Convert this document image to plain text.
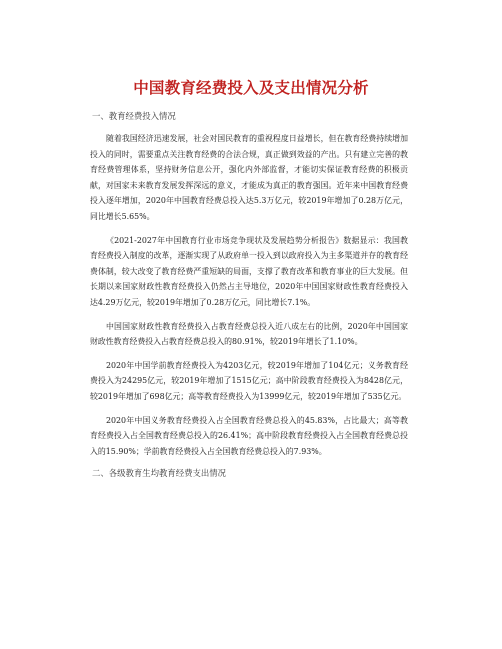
中国教育经费投入及支出情况分析
一、教育经费投入情况

随着我国经济迅速发展，社会对国民教育的重视程度日益增长，但在教育经费持续增加投入的同时，需要重点关注教育经费的合法合规，真正做到效益的产出。只有建立完善的教育经费管理体系，坚持财务信息公开，强化内外部监督，才能切实保证教育经费的积极贡献，对国家未来教育发展发挥深远的意义，才能成为真正的教育强国。近年来中国教育经费投入逐年增加，2020年中国教育经费总投入达5.3万亿元，较2019年增加了0.28万亿元，同比增长5.65%。

《2021-2027年中国教育行业市场竞争现状及发展趋势分析报告》数据显示：我国教育经费投入制度的改革，逐渐实现了从政府单一投入到以政府投入为主多渠道并存的教育经费体制，较大改变了教育经费严重短缺的局面，支撑了教育改革和教育事业的巨大发展。但长期以来国家财政性教育经费投入仍然占主导地位，2020年中国国家财政性教育经费投入达4.29万亿元，较2019年增加了0.28万亿元，同比增长7.1%。

中国国家财政性教育经费投入占教育经费总投入近八成左右的比例，2020年中国国家财政性教育经费投入占教育经费总投入的80.91%，较2019年增长了1.10%。

2020年中国学前教育经费投入为4203亿元，较2019年增加了104亿元；义务教育经费投入为24295亿元，较2019年增加了1515亿元；高中阶段教育经费投入为8428亿元，较2019年增加了698亿元；高等教育经费投入为13999亿元，较2019年增加了535亿元。

2020年中国义务教育经费投入占全国教育经费总投入的45.83%，占比最大；高等教育经费投入占全国教育经费总投入的26.41%；高中阶段教育经费投入占全国教育经费总投入的15.90%；学前教育经费投入占全国教育经费总投入的7.93%。

二、各级教育生均教育经费支出情况
